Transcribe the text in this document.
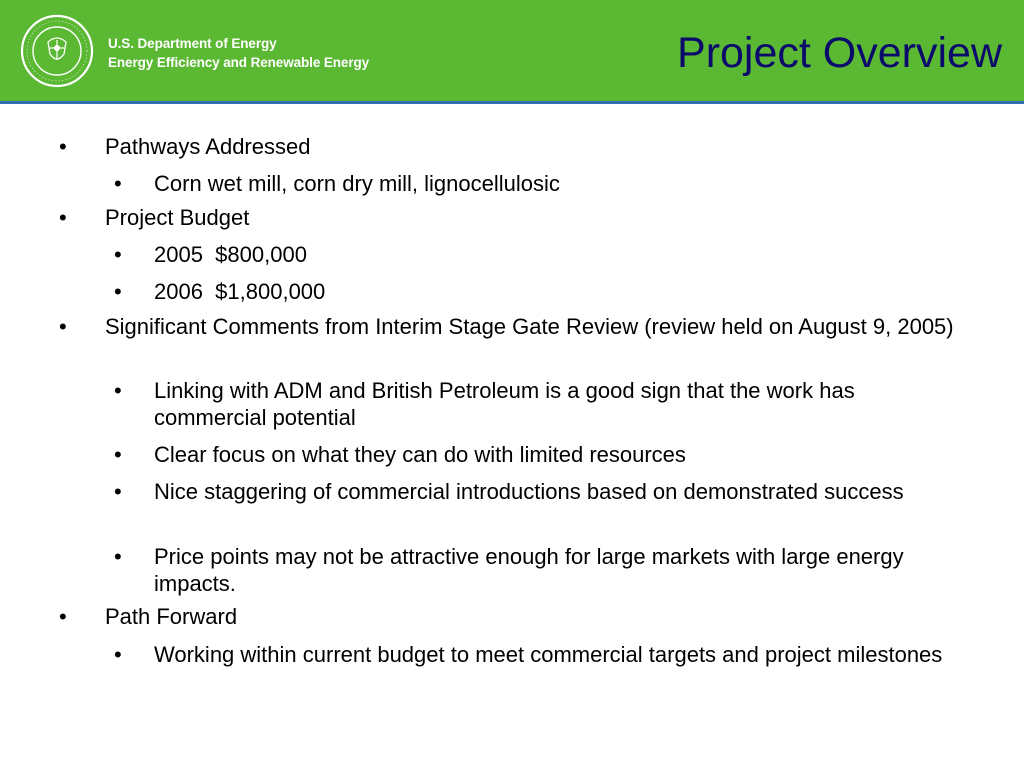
U.S. Department of Energy
Energy Efficiency and Renewable Energy	Project Overview

• Pathways Addressed

• Corn wet mill, corn dry mill, lignocellulosic

• Project Budget

• 2005  $800,000

• 2006  $1,800,000

• Significant Comments from Interim Stage Gate Review (review held on August 9, 2005)

• Linking with ADM and British Petroleum is a good sign that the work has commercial potential

• Clear focus on what they can do with limited resources

• Nice staggering of commercial introductions based on demonstrated success

• Price points may not be attractive enough for large markets with large energy impacts.

• Path Forward

• Working within current budget to meet commercial targets and project milestones
